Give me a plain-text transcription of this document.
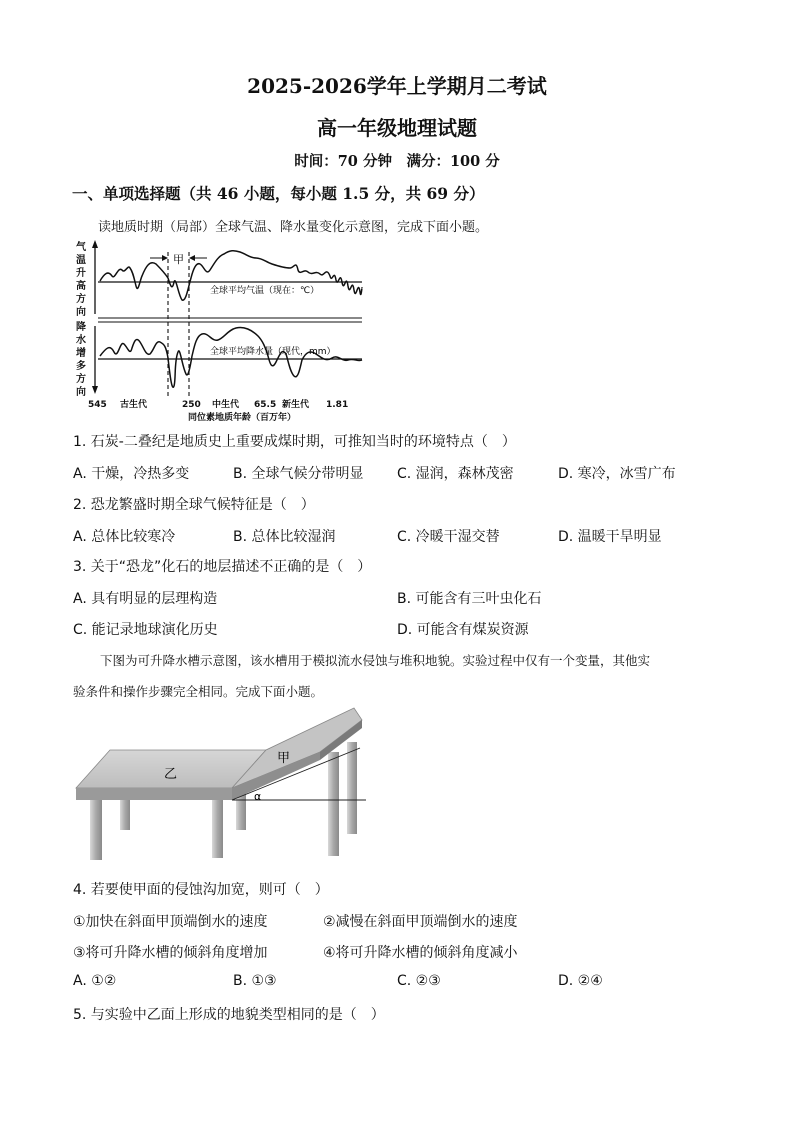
2025-2026学年上学期月二考试
高一年级地理试题
时间：70 分钟　满分：100 分
一、单项选择题（共 46 小题，每小题 1.5 分，共 69 分）
读地质时期（局部）全球气温、降水量变化示意图，完成下面小题。
气
温
升
高
方
向
降
水
增
多
方
向
甲
全球平均气温（现在：℃）
全球平均降水量（现代，mm）
545 古生代	250 中生代 65.5 新生代 1.81
同位素地质年龄（百万年）
1. 石炭-二叠纪是地质史上重要成煤时期，可推知当时的环境特点（　）
A. 干燥，冷热多变	B. 全球气候分带明显 C. 湿润，森林茂密	D. 寒冷，冰雪广布
2. 恐龙繁盛时期全球气候特征是（　）
A. 总体比较寒冷	B. 总体比较湿润	C. 冷暖干湿交替	D. 温暖干旱明显
3. 关于“恐龙”化石的地层描述不正确的是（　）
A. 具有明显的层理构造	B. 可能含有三叶虫化石
C. 能记录地球演化历史	D. 可能含有煤炭资源
下图为可升降水槽示意图，该水槽用于模拟流水侵蚀与堆积地貌。实验过程中仅有一个变量，其他实
验条件和操作步骤完全相同。完成下面小题。
α
乙
甲
4. 若要使甲面的侵蚀沟加宽，则可（　）
①加快在斜面甲顶端倒水的速度	②减慢在斜面甲顶端倒水的速度
③将可升降水槽的倾斜角度增加	④将可升降水槽的倾斜角度减小
A. ①②	B. ①③	C. ②③	D. ②④
5. 与实验中乙面上形成的地貌类型相同的是（　）
